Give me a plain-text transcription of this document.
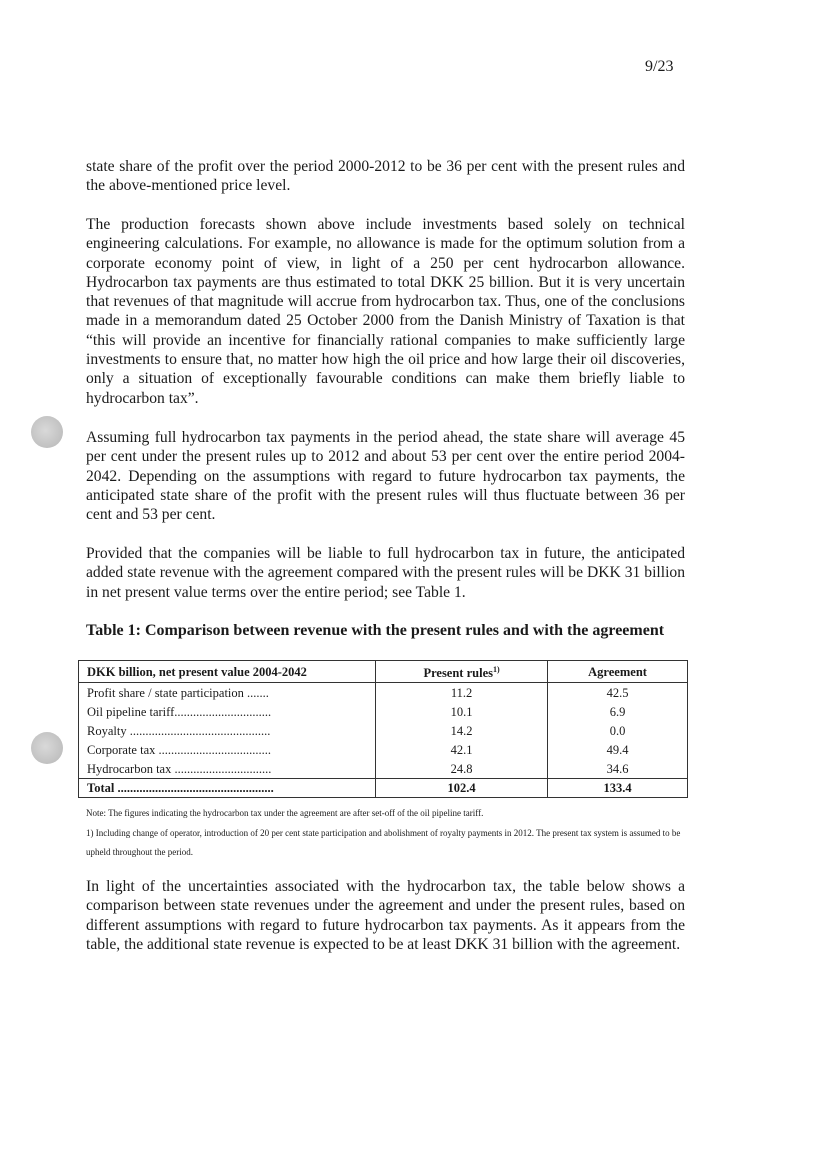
9/23

state share of the profit over the period 2000-2012 to be 36 per cent with the present rules and the above-mentioned price level.

The production forecasts shown above include investments based solely on technical engineering calculations. For example, no allowance is made for the optimum solution from a corporate economy point of view, in light of a 250 per cent hydrocarbon allowance. Hydrocarbon tax payments are thus estimated to total DKK 25 billion. But it is very uncertain that revenues of that magnitude will accrue from hydrocarbon tax. Thus, one of the conclusions made in a memorandum dated 25 October 2000 from the Danish Ministry of Taxation is that “this will provide an incentive for financially rational companies to make sufficiently large investments to ensure that, no matter how high the oil price and how large their oil discoveries, only a situation of exceptionally favourable conditions can make them briefly liable to hydrocarbon tax”.

Assuming full hydrocarbon tax payments in the period ahead, the state share will average 45 per cent under the present rules up to 2012 and about 53 per cent over the entire period 2004-2042. Depending on the assumptions with regard to future hydrocarbon tax payments, the anticipated state share of the profit with the present rules will thus fluctuate between 36 per cent and 53 per cent.

Provided that the companies will be liable to full hydrocarbon tax in future, the anticipated added state revenue with the agreement compared with the present rules will be DKK 31 billion in net present value terms over the entire period; see Table 1.

Table 1: Comparison between revenue with the present rules and with the agreement

DKK billion, net present value 2004-2042	Present rules$^{1)}$	Agreement
Profit share / state participation .......	11.2	42.5
Oil pipeline tariff...............................	10.1	6.9
Royalty .............................................	14.2	0.0
Corporate tax ....................................	42.1	49.4
Hydrocarbon tax ...............................	24.8	34.6
Total ..................................................	102.4	133.4

Note: The figures indicating the hydrocarbon tax under the agreement are after set-off of the oil pipeline tariff.

1) Including change of operator, introduction of 20 per cent state participation and abolishment of royalty payments in 2012. The present tax system is assumed to be upheld throughout the period.

In light of the uncertainties associated with the hydrocarbon tax, the table below shows a comparison between state revenues under the agreement and under the present rules, based on different assumptions with regard to future hydrocarbon tax payments. As it appears from the table, the additional state revenue is expected to be at least DKK 31 billion with the agreement.
